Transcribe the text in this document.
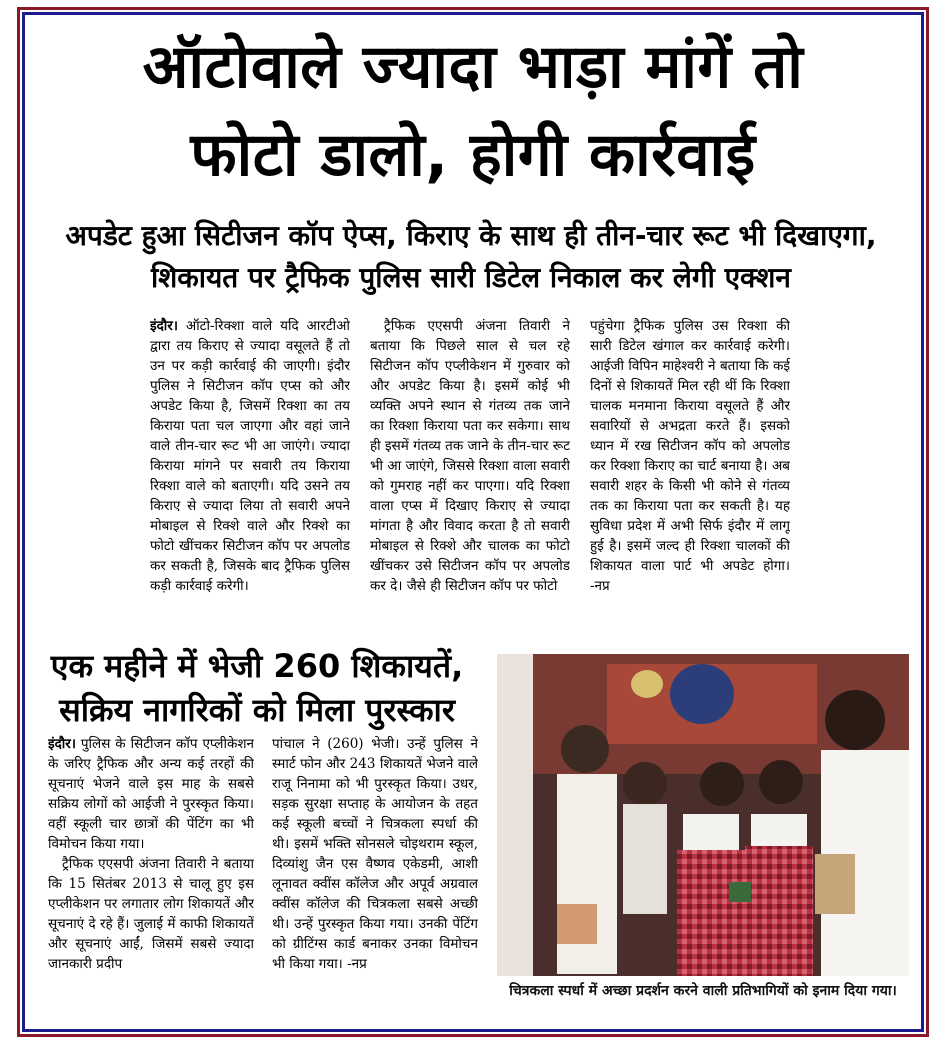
ऑटोवाले ज्यादा भाड़ा मांगें तो
फोटो डालो, होगी कार्रवाई
अपडेट हुआ सिटीजन कॉप ऐप्स, किराए के साथ ही तीन-चार रूट भी दिखाएगा,
शिकायत पर ट्रैफिक पुलिस सारी डिटेल निकाल कर लेगी एक्शन
इंदौर। ऑटो-रिक्शा वाले यदि आरटीओ द्वारा तय किराए से ज्यादा वसूलते हैं तो उन पर कड़ी कार्रवाई की जाएगी। इंदौर पुलिस ने सिटीजन कॉप एप्स को और अपडेट किया है, जिसमें रिक्शा का तय किराया पता चल जाएगा और वहां जाने वाले तीन-चार रूट भी आ जाएंगे। ज्यादा किराया मांगने पर सवारी तय किराया रिक्शा वाले को बताएगी। यदि उसने तय किराए से ज्यादा लिया तो सवारी अपने मोबाइल से रिक्शे वाले और रिक्शे का फोटो खींचकर सिटीजन कॉप पर अपलोड कर सकती है, जिसके बाद ट्रैफिक पुलिस कड़ी कार्रवाई करेगी।
ट्रैफिक एएसपी अंजना तिवारी ने बताया कि पिछले साल से चल रहे सिटीजन कॉप एप्लीकेशन में गुरुवार को और अपडेट किया है। इसमें कोई भी व्यक्ति अपने स्थान से गंतव्य तक जाने का रिक्शा किराया पता कर सकेगा। साथ ही इसमें गंतव्य तक जाने के तीन-चार रूट भी आ जाएंगे, जिससे रिक्शा वाला सवारी को गुमराह नहीं कर पाएगा। यदि रिक्शा वाला एप्स में दिखाए किराए से ज्यादा मांगता है और विवाद करता है तो सवारी मोबाइल से रिक्शे और चालक का फोटो खींचकर उसे सिटीजन कॉप पर अपलोड कर दे। जैसे ही सिटीजन कॉप पर फोटो
पहुंचेगा ट्रैफिक पुलिस उस रिक्शा की सारी डिटेल खंगाल कर कार्रवाई करेगी। आईजी विपिन माहेश्वरी ने बताया कि कई दिनों से शिकायतें मिल रही थीं कि रिक्शा चालक मनमाना किराया वसूलते हैं और सवारियों से अभद्रता करते हैं। इसको ध्यान में रख सिटीजन कॉप को अपलोड कर रिक्शा किराए का चार्ट बनाया है। अब सवारी शहर के किसी भी कोने से गंतव्य तक का किराया पता कर सकती है। यह सुविधा प्रदेश में अभी सिर्फ इंदौर में लागू हुई है। इसमें जल्द ही रिक्शा चालकों की शिकायत वाला पार्ट भी अपडेट होगा। -नप्र
एक महीने में भेजी 260 शिकायतें,
सक्रिय नागरिकों को मिला पुरस्कार
इंदौर। पुलिस के सिटीजन कॉप एप्लीकेशन के जरिए ट्रैफिक और अन्य कई तरहों की सूचनाएं भेजने वाले इस माह के सबसे सक्रिय लोगों को आईजी ने पुरस्कृत किया। वहीं स्कूली चार छात्रों की पेंटिंग का भी विमोचन किया गया।
ट्रैफिक एएसपी अंजना तिवारी ने बताया कि 15 सितंबर 2013 से चालू हुए इस एप्लीकेशन पर लगातार लोग शिकायतें और सूचनाएं दे रहे हैं। जुलाई में काफी शिकायतें और सूचनाएं आईं, जिसमें सबसे ज्यादा जानकारी प्रदीप
पांचाल ने (260) भेजी। उन्हें पुलिस ने स्मार्ट फोन और 243 शिकायतें भेजने वाले राजू निनामा को भी पुरस्कृत किया। उधर, सड़क सुरक्षा सप्ताह के आयोजन के तहत कई स्कूली बच्चों ने चित्रकला स्पर्धा की थी। इसमें भक्ति सोनसले चोइथराम स्कूल, दिव्यांशु जैन एस वैष्णव एकेडमी, आशी लूनावत क्वींस कॉलेज और अपूर्व अग्रवाल क्वींस कॉलेज की चित्रकला सबसे अच्छी थी। उन्हें पुरस्कृत किया गया। उनकी पेंटिंग को ग्रीटिंग्स कार्ड बनाकर उनका विमोचन भी किया गया। -नप्र
चित्रकला स्पर्धा में अच्छा प्रदर्शन करने वाली प्रतिभागियों को इनाम दिया गया।
